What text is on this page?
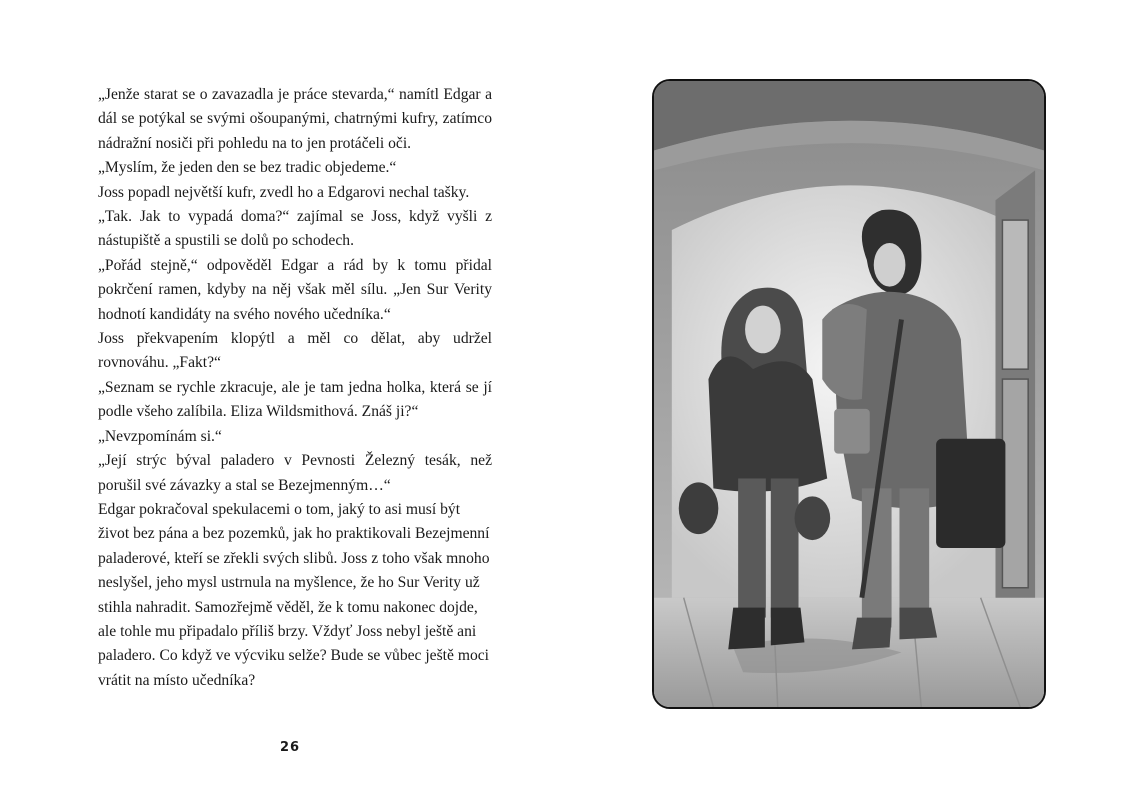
„Jenže starat se o zavazadla je práce stevarda,“ namítl Edgar a dál se potýkal se svými ošoupanými, chatrnými kufry, zatímco nádražní nosiči při pohledu na to jen protáčeli oči.

„Myslím, že jeden den se bez tradic objedeme.“

Joss popadl největší kufr, zvedl ho a Edgarovi nechal tašky.

„Tak. Jak to vypadá doma?“ zajímal se Joss, když vyšli z nástupiště a spustili se dolů po schodech.

„Pořád stejně,“ odpověděl Edgar a rád by k tomu přidal pokrčení ramen, kdyby na něj však měl sílu. „Jen Sur Verity hodnotí kandidáty na svého nového učedníka.“

Joss překvapením klopýtl a měl co dělat, aby udržel rovnováhu. „Fakt?“

„Seznam se rychle zkracuje, ale je tam jedna holka, která se jí podle všeho zalíbila. Eliza Wildsmithová. Znáš ji?“

„Nevzpomínám si.“

„Její strýc býval paladero v Pevnosti Železný tesák, než porušil své závazky a stal se Bezejmenným…“

Edgar pokračoval spekulacemi o tom, jaký to asi musí být život bez pána a bez pozemků, jak ho praktikovali Bezejmenní paladerové, kteří se zřekli svých slibů. Joss z toho však mnoho neslyšel, jeho mysl ustrnula na myšlence, že ho Sur Verity už stihla nahradit. Samozřejmě věděl, že k tomu nakonec dojde, ale tohle mu připadalo příliš brzy. Vždyť Joss nebyl ještě ani paladero. Co když ve výcviku selže? Bude se vůbec ještě moci vrátit na místo učedníka?

26
